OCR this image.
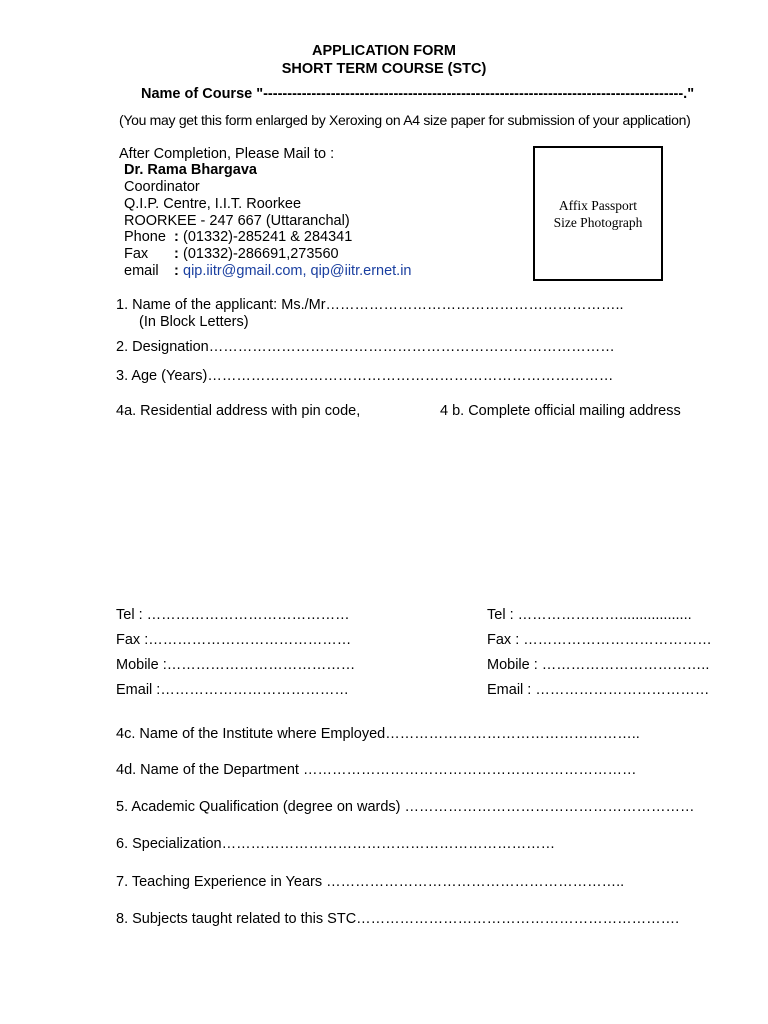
APPLICATION FORM
SHORT TERM COURSE (STC)
Name of Course "---------------------------------------------------------------------------------------."
(You may get this form enlarged by Xeroxing on A4 size paper for submission of your application)
After Completion, Please Mail to :
Dr. Rama Bhargava
Coordinator
Q.I.P. Centre, I.I.T. Roorkee
ROORKEE - 247 667 (Uttaranchal)
Phone : (01332)-285241 & 284341
Fax : (01332)-286691,273560
email : qip.iitr@gmail.com, qip@iitr.ernet.in
Affix Passport
Size Photograph
1. Name of the applicant: Ms./Mr……………………………………………………..
(In Block Letters)
2. Designation…………………………………………………………………………
3. Age (Years)…………………………………………………………………………
4a. Residential address with pin code,	4 b. Complete official mailing address
Tel : ……………………………………
Fax :……………………………………
Mobile :…………………………………
Email :…………………………………
Tel : …………………..................
Fax : …………………………………
Mobile : ……………………………..
Email : ………………………………
4c. Name of the Institute where Employed……………………………………………..
4d. Name of the Department ……………………………………………………………
5. Academic Qualification (degree on wards) ……………………………………………………
6. Specialization……………………………………………………………
7. Teaching Experience in Years ……………………………………………………..
8. Subjects taught related to this STC………………………………………………………….
